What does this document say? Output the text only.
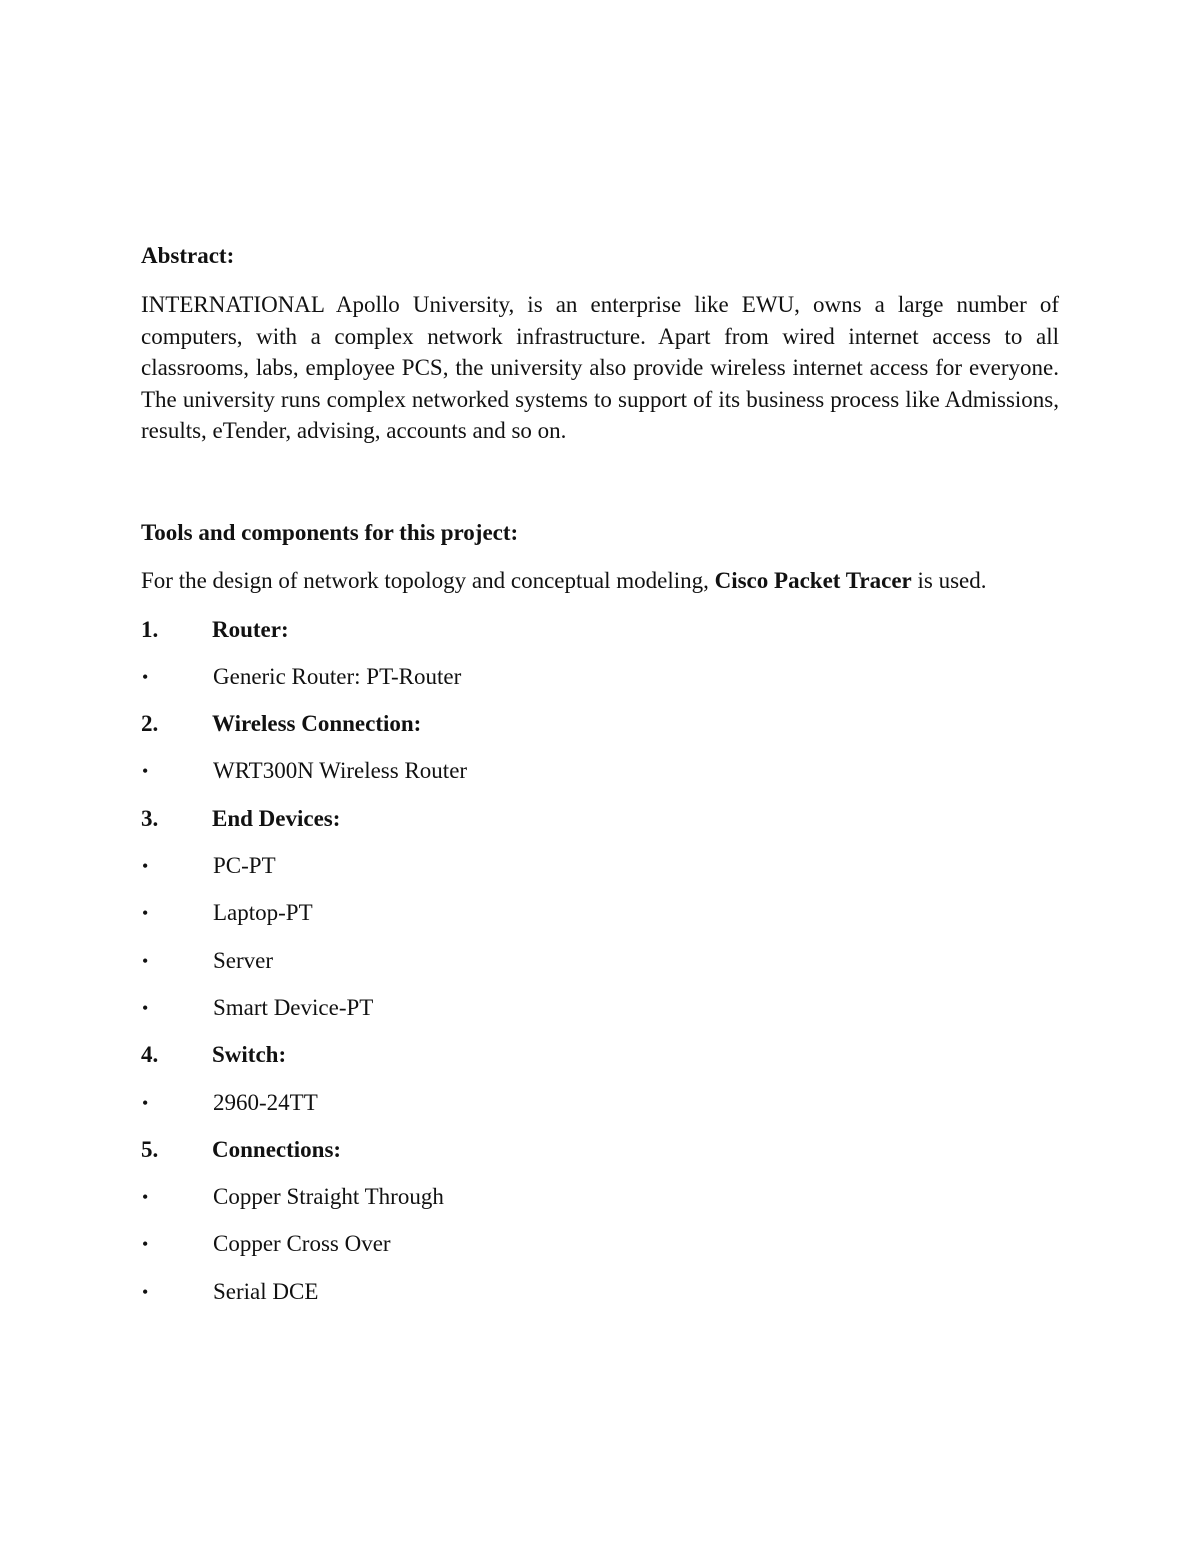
Abstract:

INTERNATIONAL Apollo University, is an enterprise like EWU, owns a large number of computers, with a complex network infrastructure. Apart from wired internet access to all classrooms, labs, employee PCS, the university also provide wireless internet access for everyone. The university runs complex networked systems to support of its business process like Admissions, results, eTender, advising, accounts and so on.

Tools and components for this project:

For the design of network topology and conceptual modeling, Cisco Packet Tracer is used.

1.	Router:
•	Generic Router: PT-Router
2.	Wireless Connection:
•	WRT300N Wireless Router
3.	End Devices:
•	PC-PT
•	Laptop-PT
•	Server
•	Smart Device-PT
4.	Switch:
•	2960-24TT
5.	Connections:
•	Copper Straight Through
•	Copper Cross Over
•	Serial DCE
